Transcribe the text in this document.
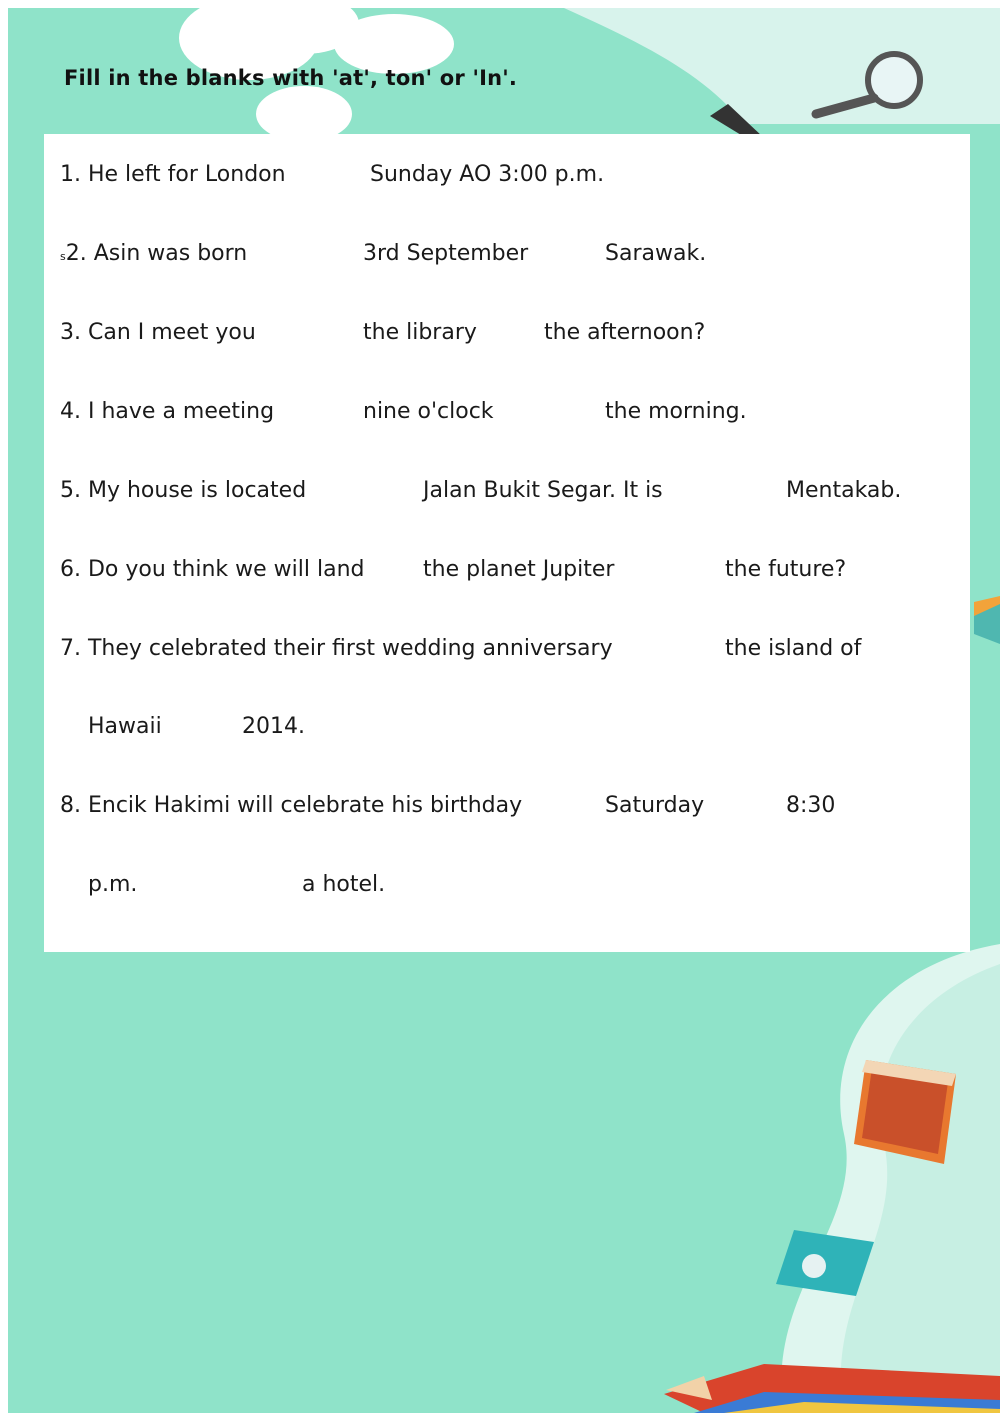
Fill in the blanks with 'at', ton' or 'In'.
1. He left for London	Sunday AO 3:00 p.m.
s2. Asin was born	3rd September	Sarawak.
3. Can I meet you	the library	the afternoon?
4. I have a meeting	nine o'clock	the morning.
5. My house is located	Jalan Bukit Segar. It is	Mentakab.
6. Do you think we will land	the planet Jupiter	the future?
7. They celebrated their first wedding anniversary	the island of
Hawaii	2014.
8. Encik Hakimi will celebrate his birthday	Saturday	8:30
p.m.	a hotel.
